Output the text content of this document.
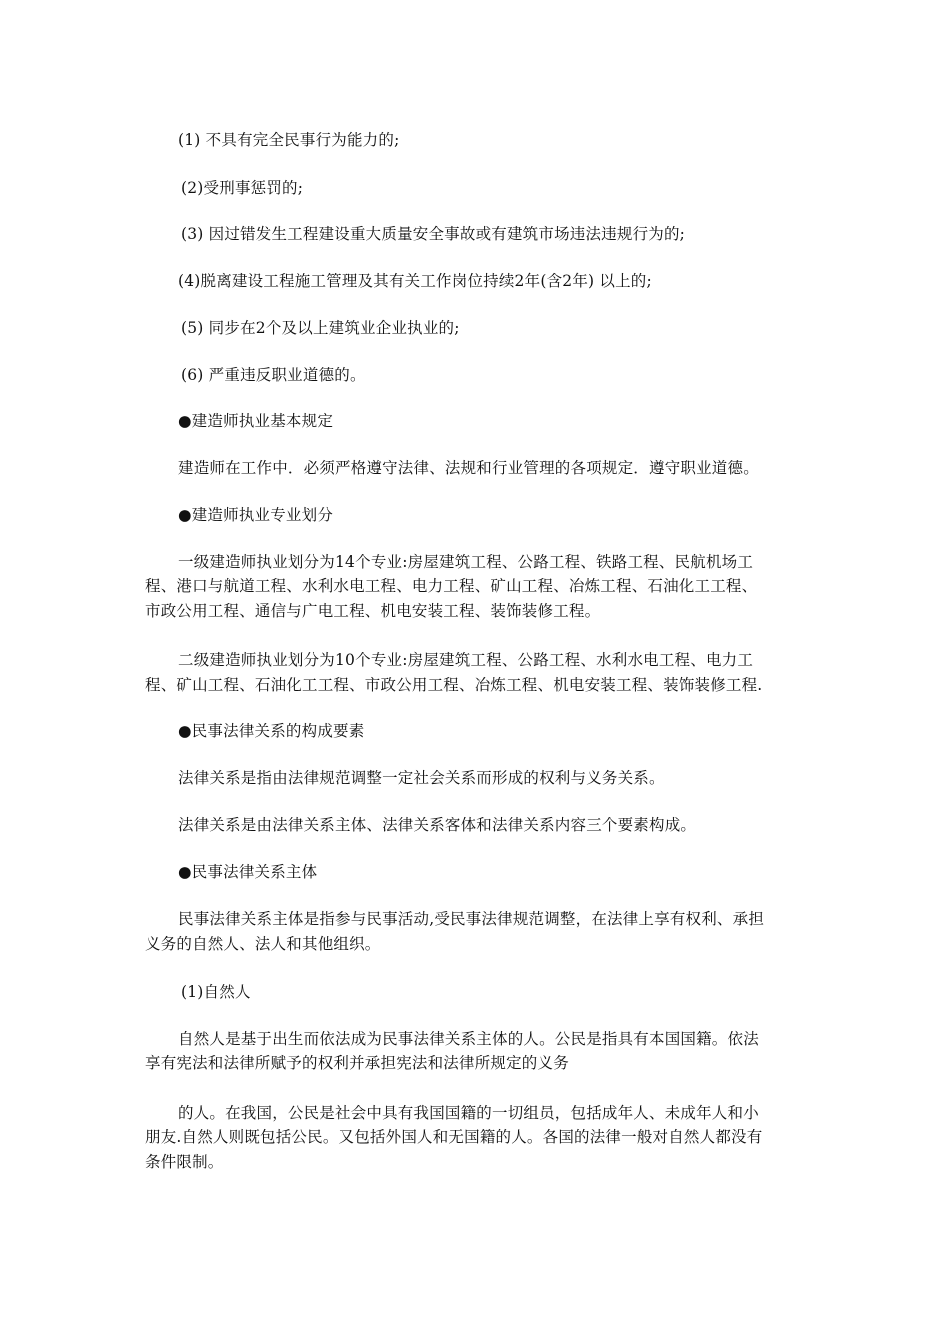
(1) 不具有完全民事行为能力的;
(2)受刑事惩罚的;
(3) 因过错发生工程建设重大质量安全事故或有建筑市场违法违规行为的;
(4)脱离建设工程施工管理及其有关工作岗位持续2年(含2年) 以上的;
(5) 同步在2个及以上建筑业企业执业的;
(6) 严重违反职业道德的。
●建造师执业基本规定
建造师在工作中．必须严格遵守法律、法规和行业管理的各项规定．遵守职业道德。
●建造师执业专业划分
一级建造师执业划分为14个专业:房屋建筑工程、公路工程、铁路工程、民航机场工
程、港口与航道工程、水利水电工程、电力工程、矿山工程、冶炼工程、石油化工工程、
市政公用工程、通信与广电工程、机电安装工程、装饰装修工程。
二级建造师执业划分为10个专业:房屋建筑工程、公路工程、水利水电工程、电力工
程、矿山工程、石油化工工程、市政公用工程、冶炼工程、机电安装工程、装饰装修工程.
●民事法律关系的构成要素
法律关系是指由法律规范调整一定社会关系而形成的权利与义务关系。
法律关系是由法律关系主体、法律关系客体和法律关系内容三个要素构成。
●民事法律关系主体
民事法律关系主体是指参与民事活动,受民事法律规范调整，在法律上享有权利、承担
义务的自然人、法人和其他组织。
(1)自然人
自然人是基于出生而依法成为民事法律关系主体的人。公民是指具有本国国籍。依法
享有宪法和法律所赋予的权利并承担宪法和法律所规定的义务
的人。在我国，公民是社会中具有我国国籍的一切组员，包括成年人、未成年人和小
朋友.自然人则既包括公民。又包括外国人和无国籍的人。各国的法律一般对自然人都没有
条件限制。
